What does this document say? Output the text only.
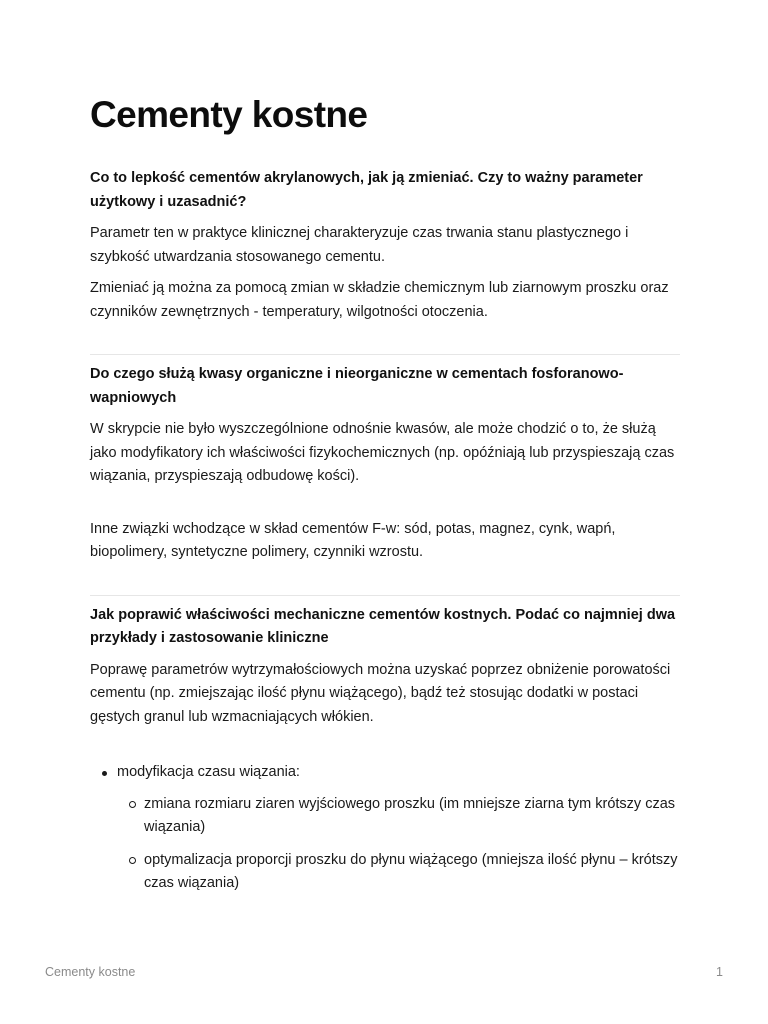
Cementy kostne

Co to lepkość cementów akrylanowych, jak ją zmieniać. Czy to ważny parameter użytkowy i uzasadnić?

Parametr ten w praktyce klinicznej charakteryzuje czas trwania stanu plastycznego i szybkość utwardzania stosowanego cementu.

Zmieniać ją można za pomocą zmian w składzie chemicznym lub ziarnowym proszku oraz czynników zewnętrznych - temperatury, wilgotności otoczenia.

Do czego służą kwasy organiczne i nieorganiczne w cementach fosforanowo-wapniowych

W skrypcie nie było wyszczególnione odnośnie kwasów, ale może chodzić o to, że służą jako modyfikatory ich właściwości fizykochemicznych (np. opóźniają lub przyspieszają czas wiązania, przyspieszają odbudowę kości).

Inne związki wchodzące w skład cementów F-w: sód, potas, magnez, cynk, wapń, biopolimery, syntetyczne polimery, czynniki wzrostu.

Jak poprawić właściwości mechaniczne cementów kostnych. Podać co najmniej dwa przykłady i zastosowanie kliniczne

Poprawę parametrów wytrzymałościowych można uzyskać poprzez obniżenie porowatości cementu (np. zmiejszając ilość płynu wiążącego), bądź też stosując dodatki w postaci gęstych granul lub wzmacniających włókien.

modyfikacja czasu wiązania:
zmiana rozmiaru ziaren wyjściowego proszku (im mniejsze ziarna tym krótszy czas wiązania)
optymalizacja proporcji proszku do płynu wiążącego (mniejsza ilość płynu – krótszy czas wiązania)
Cementy kostne	1
